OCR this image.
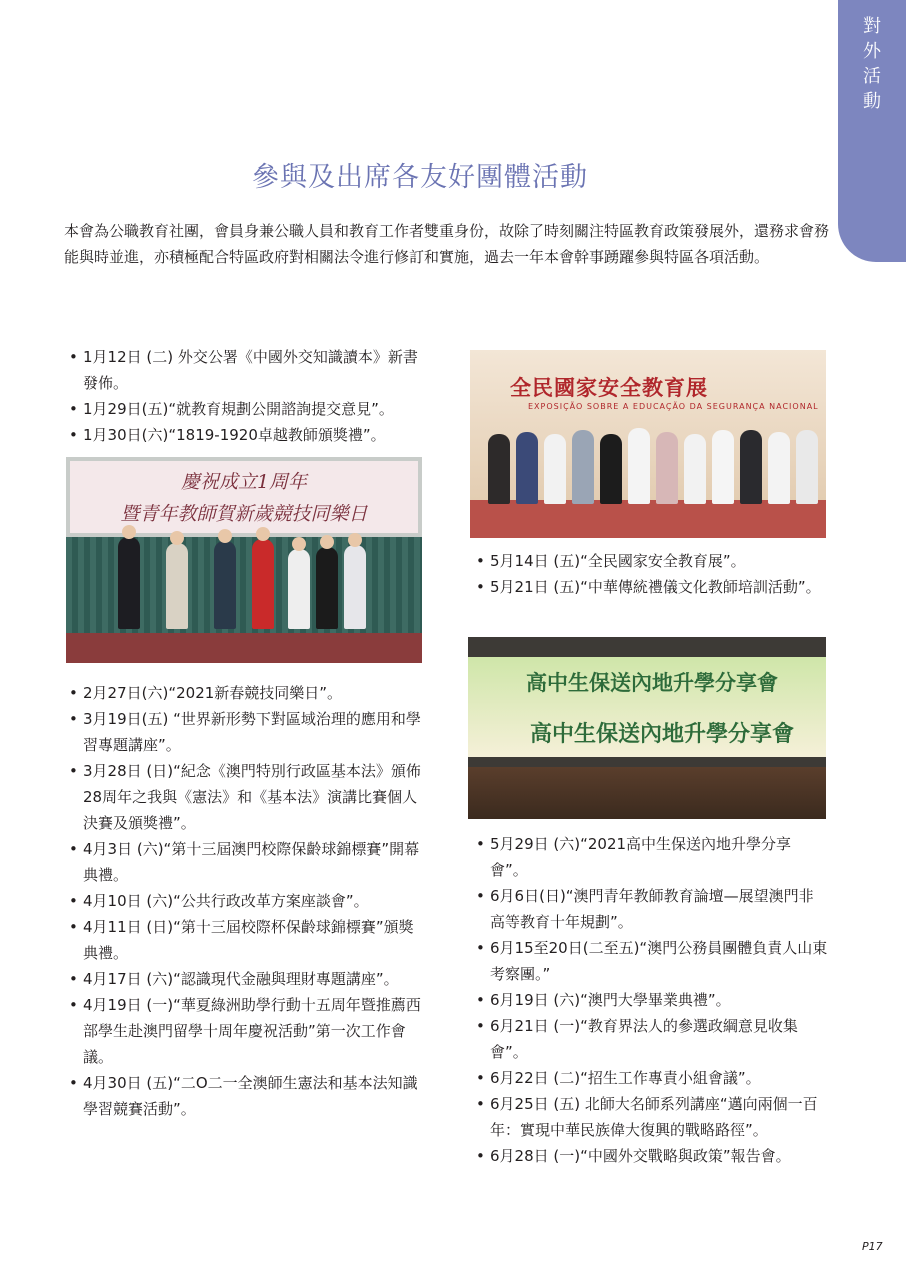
對
外
活
動
參與及出席各友好團體活動

本會為公職教育社團，會員身兼公職人員和教育工作者雙重身份，故除了時刻關注特區教育政策發展外，還務求會務能與時並進，亦積極配合特區政府對相關法令進行修訂和實施，過去一年本會幹事踴躍參與特區各項活動。

• 1月12日 (二) 外交公署《中國外交知識讀本》新書發佈。
• 1月29日(五)“就教育規劃公開諮詢提交意見”。
• 1月30日(六)“1819-1920卓越教師頒獎禮”。
慶祝成立1周年
暨青年教師賀新歲競技同樂日
• 2月27日(六)“2021新春競技同樂日”。
• 3月19日(五) “世界新形勢下對區域治理的應用和學習專題講座”。
• 3月28日 (日)“紀念《澳門特別行政區基本法》頒佈28周年之我與《憲法》和《基本法》演講比賽個人決賽及頒獎禮”。
• 4月3日 (六)“第十三屆澳門校際保齡球錦標賽”開幕典禮。
• 4月10日 (六)“公共行政改革方案座談會”。
• 4月11日 (日)“第十三屆校際杯保齡球錦標賽”頒獎典禮。
• 4月17日 (六)“認識現代金融與理財專題講座”。
• 4月19日 (一)“華夏綠洲助學行動十五周年暨推薦西部學生赴澳門留學十周年慶祝活動”第一次工作會議。
• 4月30日 (五)“二O二一全澳師生憲法和基本法知識學習競賽活動”。
全民國家安全教育展
EXPOSIÇÃO SOBRE A EDUCAÇÃO DA SEGURANÇA NACIONAL
• 5月14日 (五)“全民國家安全教育展”。
• 5月21日 (五)“中華傳統禮儀文化教師培訓活動”。
高中生保送內地升學分享會
高中生保送內地升學分享會
• 5月29日 (六)“2021高中生保送內地升學分享會”。
• 6月6日(日)“澳門青年教師教育論壇—展望澳門非高等教育十年規劃”。
• 6月15至20日(二至五)“澳門公務員團體負責人山東考察團。”
• 6月19日 (六)“澳門大學畢業典禮”。
• 6月21日 (一)“教育界法人的參選政綱意見收集會”。
• 6月22日 (二)“招生工作專責小組會議”。
• 6月25日 (五) 北師大名師系列講座“邁向兩個一百年：實現中華民族偉大復興的戰略路徑”。
• 6月28日 (一)“中國外交戰略與政策”報告會。
P17
